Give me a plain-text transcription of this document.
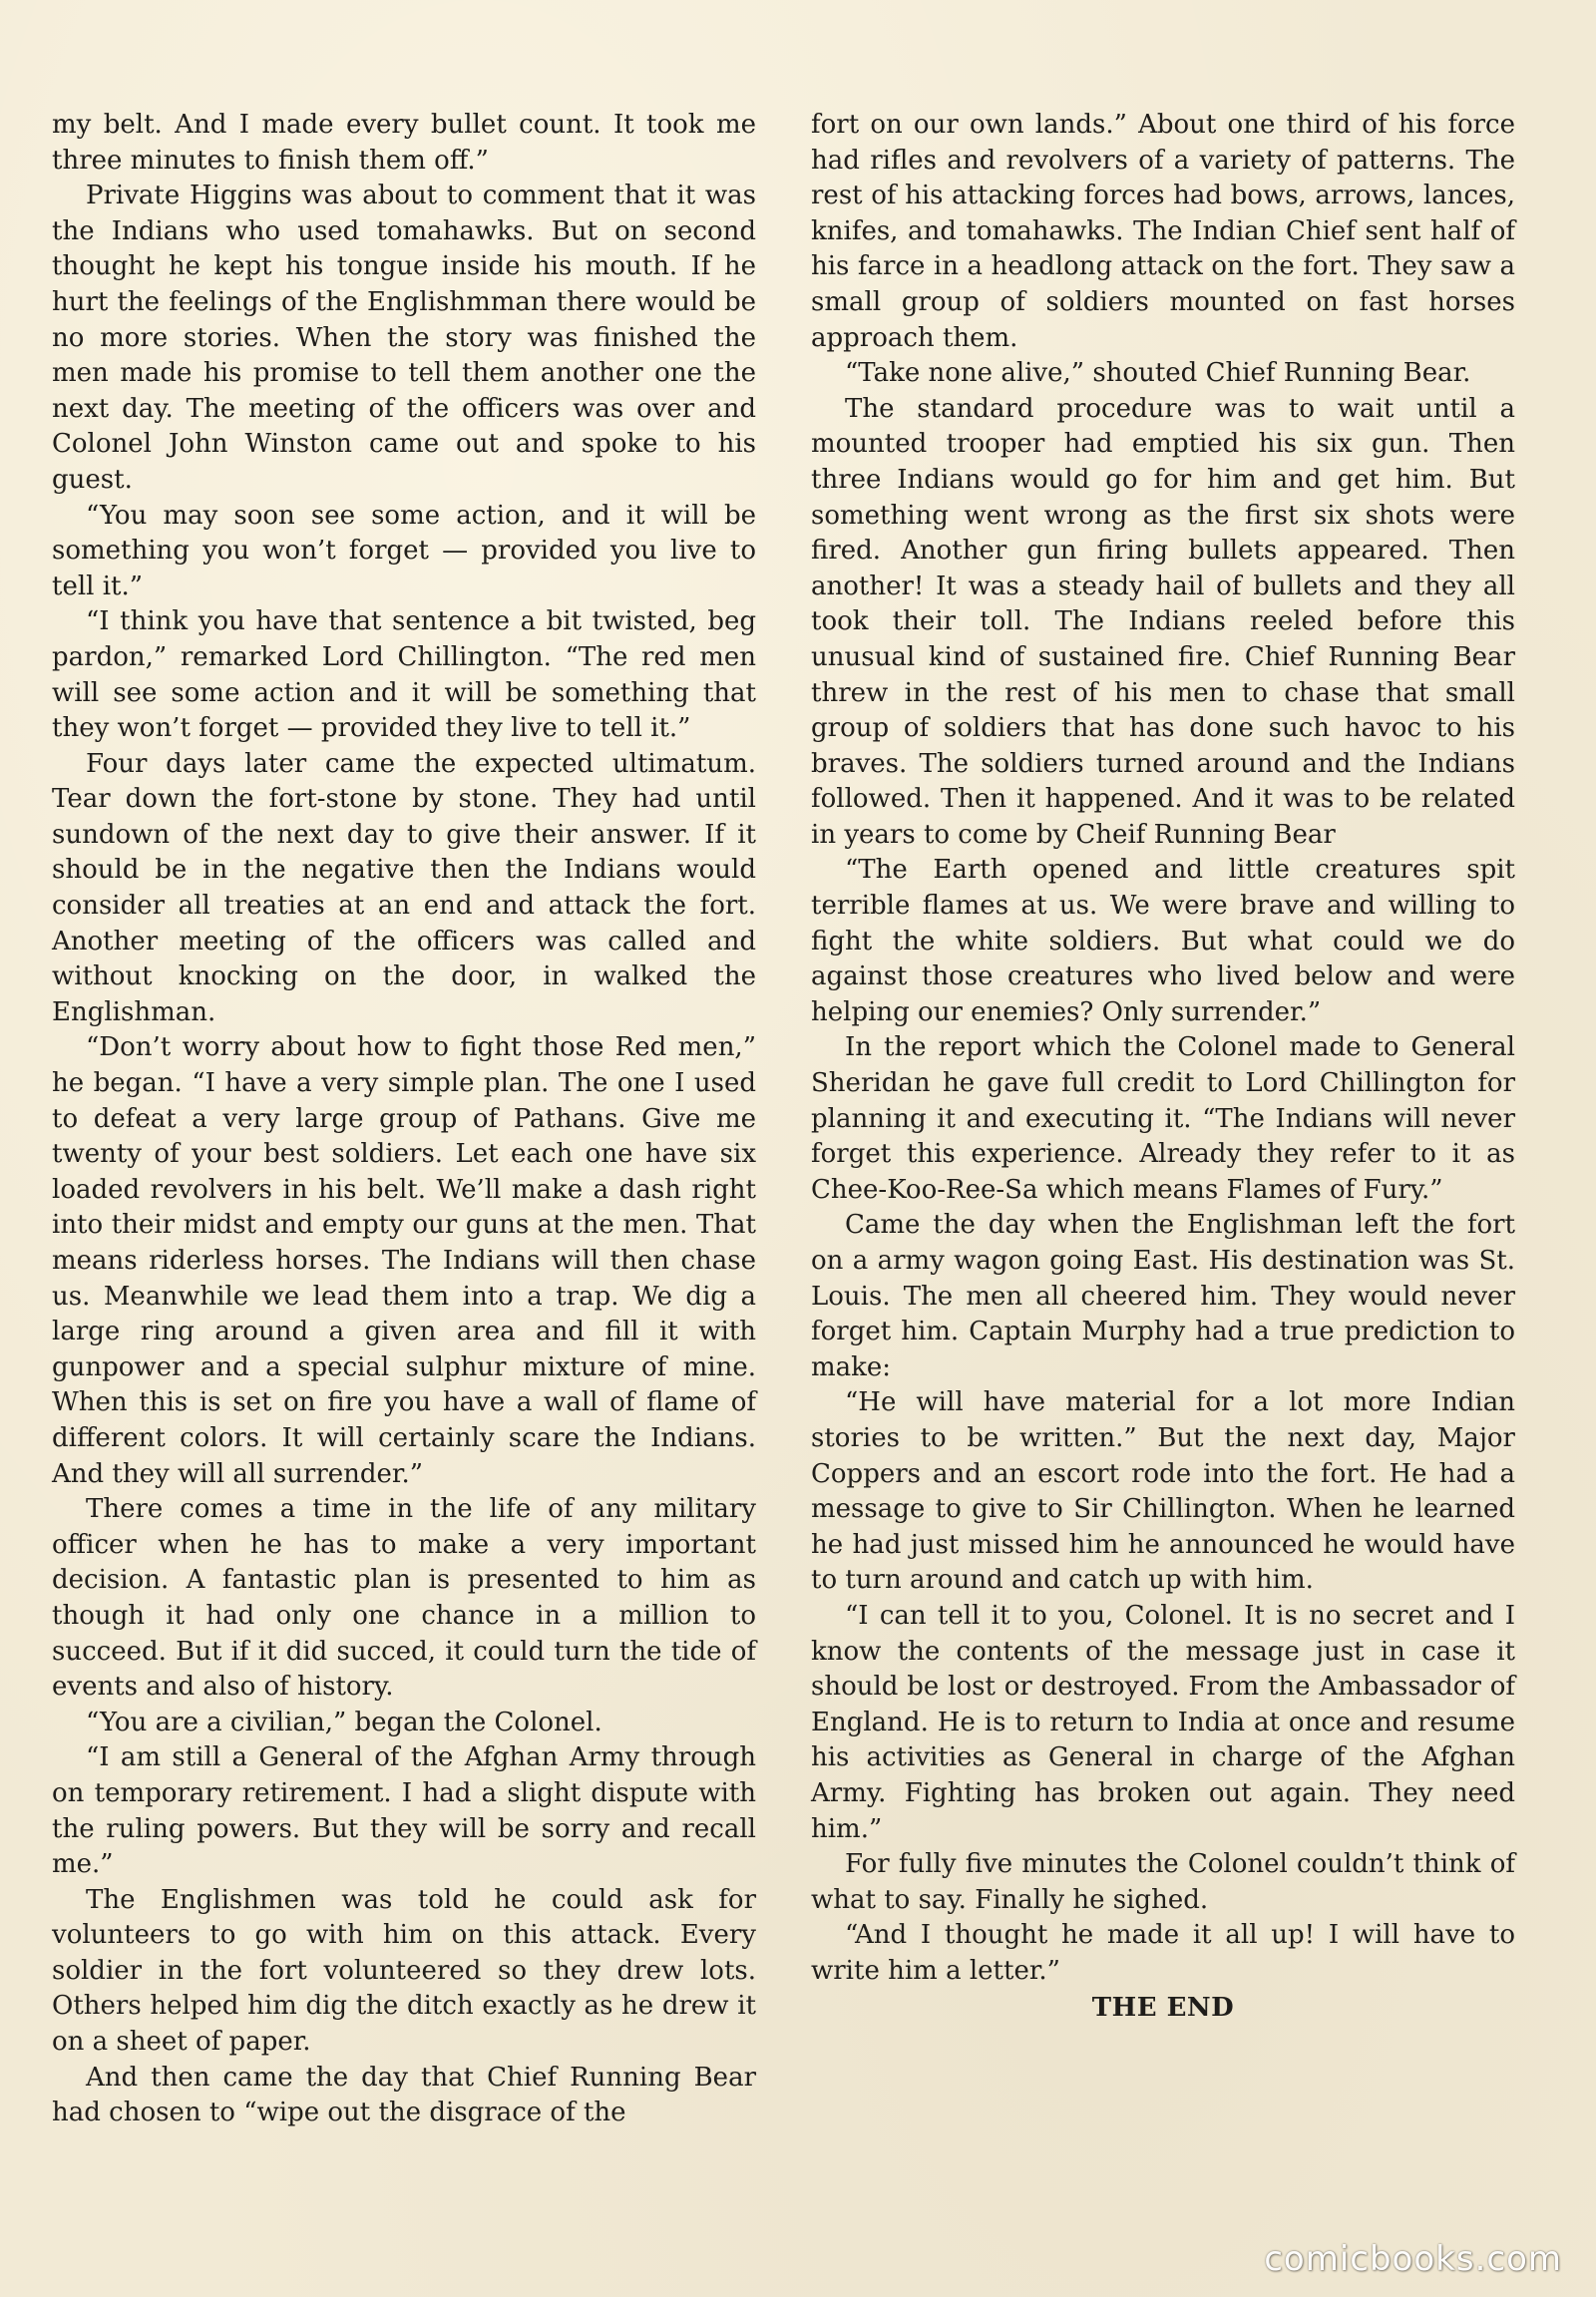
my belt. And I made every bullet count. It took me three minutes to finish them off.”

Private Higgins was about to comment that it was the Indians who used tomahawks. But on second thought he kept his tongue inside his mouth. If he hurt the feelings of the Englishmman there would be no more stories. When the story was finished the men made his promise to tell them another one the next day. The meeting of the officers was over and Colonel John Winston came out and spoke to his guest.

“You may soon see some action, and it will be something you won’t forget — provided you live to tell it.”

“I think you have that sentence a bit twisted, beg pardon,” remarked Lord Chillington. “The red men will see some action and it will be something that they won’t forget — provided they live to tell it.”

Four days later came the expected ultimatum. Tear down the fort-stone by stone. They had until sundown of the next day to give their answer. If it should be in the negative then the Indians would consider all treaties at an end and attack the fort. Another meeting of the officers was called and without knocking on the door, in walked the Englishman.

“Don’t worry about how to fight those Red men,” he began. “I have a very simple plan. The one I used to defeat a very large group of Pathans. Give me twenty of your best soldiers. Let each one have six loaded revolvers in his belt. We’ll make a dash right into their midst and empty our guns at the men. That means riderless horses. The Indians will then chase us. Meanwhile we lead them into a trap. We dig a large ring around a given area and fill it with gunpower and a special sulphur mixture of mine. When this is set on fire you have a wall of flame of different colors. It will certainly scare the Indians. And they will all surrender.”

There comes a time in the life of any military officer when he has to make a very important decision. A fantastic plan is presented to him as though it had only one chance in a million to succeed. But if it did succed, it could turn the tide of events and also of history.

“You are a civilian,” began the Colonel.

“I am still a General of the Afghan Army through on temporary retirement. I had a slight dispute with the ruling powers. But they will be sorry and recall me.”

The Englishmen was told he could ask for volunteers to go with him on this attack. Every soldier in the fort volunteered so they drew lots. Others helped him dig the ditch exactly as he drew it on a sheet of paper.

And then came the day that Chief Running Bear had chosen to “wipe out the disgrace of the

fort on our own lands.” About one third of his force had rifles and revolvers of a variety of patterns. The rest of his attacking forces had bows, arrows, lances, knifes, and tomahawks. The Indian Chief sent half of his farce in a headlong attack on the fort. They saw a small group of soldiers mounted on fast horses approach them.

“Take none alive,” shouted Chief Running Bear.

The standard procedure was to wait until a mounted trooper had emptied his six gun. Then three Indians would go for him and get him. But something went wrong as the first six shots were fired. Another gun firing bullets appeared. Then another! It was a steady hail of bullets and they all took their toll. The Indians reeled before this unusual kind of sustained fire. Chief Running Bear threw in the rest of his men to chase that small group of soldiers that has done such havoc to his braves. The soldiers turned around and the Indians followed. Then it happened. And it was to be related in years to come by Cheif Running Bear

“The Earth opened and little creatures spit terrible flames at us. We were brave and willing to fight the white soldiers. But what could we do against those creatures who lived below and were helping our enemies? Only surrender.”

In the report which the Colonel made to General Sheridan he gave full credit to Lord Chillington for planning it and executing it. “The Indians will never forget this experience. Already they refer to it as Chee-Koo-Ree-Sa which means Flames of Fury.”

Came the day when the Englishman left the fort on a army wagon going East. His destination was St. Louis. The men all cheered him. They would never forget him. Captain Murphy had a true prediction to make:

“He will have material for a lot more Indian stories to be written.” But the next day, Major Coppers and an escort rode into the fort. He had a message to give to Sir Chillington. When he learned he had just missed him he announced he would have to turn around and catch up with him.

“I can tell it to you, Colonel. It is no secret and I know the contents of the message just in case it should be lost or destroyed. From the Ambassador of England. He is to return to India at once and resume his activities as General in charge of the Afghan Army. Fighting has broken out again. They need him.”

For fully five minutes the Colonel couldn’t think of what to say. Finally he sighed.

“And I thought he made it all up! I will have to write him a letter.”

THE END

comicbooks.com
